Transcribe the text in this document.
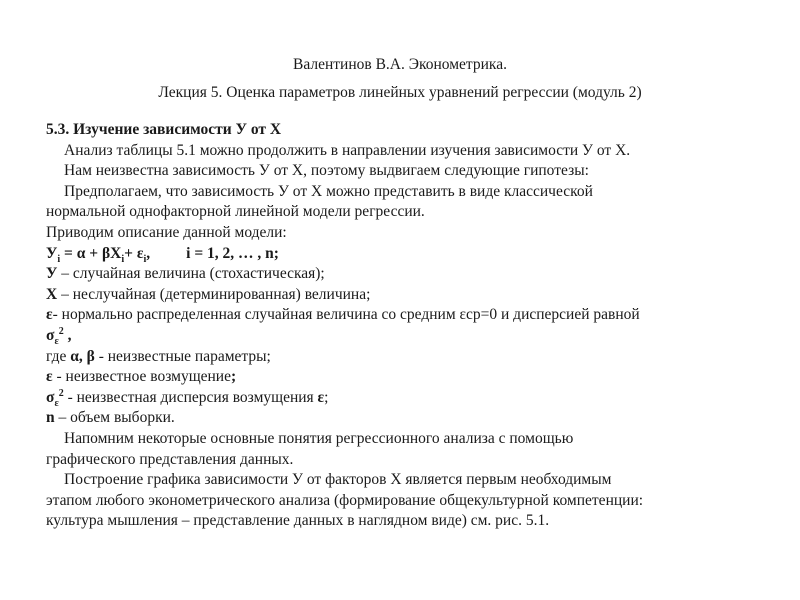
Валентинов В.А. Эконометрика.
Лекция 5. Оценка параметров линейных уравнений регрессии (модуль 2)
5.3. Изучение зависимости У от Х
Анализ таблицы 5.1 можно продолжить в направлении изучения зависимости У от Х.
Нам неизвестна зависимость У от Х, поэтому выдвигаем следующие гипотезы:
Предполагаем, что зависимость У от Х можно представить в виде классической
нормальной однофакторной линейной модели регрессии.
Приводим описание данной модели:
$У_i = \alpha + \beta Х_i+ \varepsilon_i$, i = 1, 2, … , n;
У – случайная величина (стохастическая);
Х – неслучайная (детерминированная) величина;
ε- нормально распределенная случайная величина со средним εср=0 и дисперсией равной
$\sigma_\varepsilon^2$ ,
где α, β - неизвестные параметры;
ε - неизвестное возмущение;
$\sigma_\varepsilon^2$ - неизвестная дисперсия возмущения ε;
n – объем выборки.
Напомним некоторые основные понятия регрессионного анализа с помощью
графического представления данных.
Построение графика зависимости У от факторов Х является первым необходимым
этапом любого эконометрического анализа (формирование общекультурной компетенции:
культура мышления – представление данных в наглядном виде) см. рис. 5.1.
